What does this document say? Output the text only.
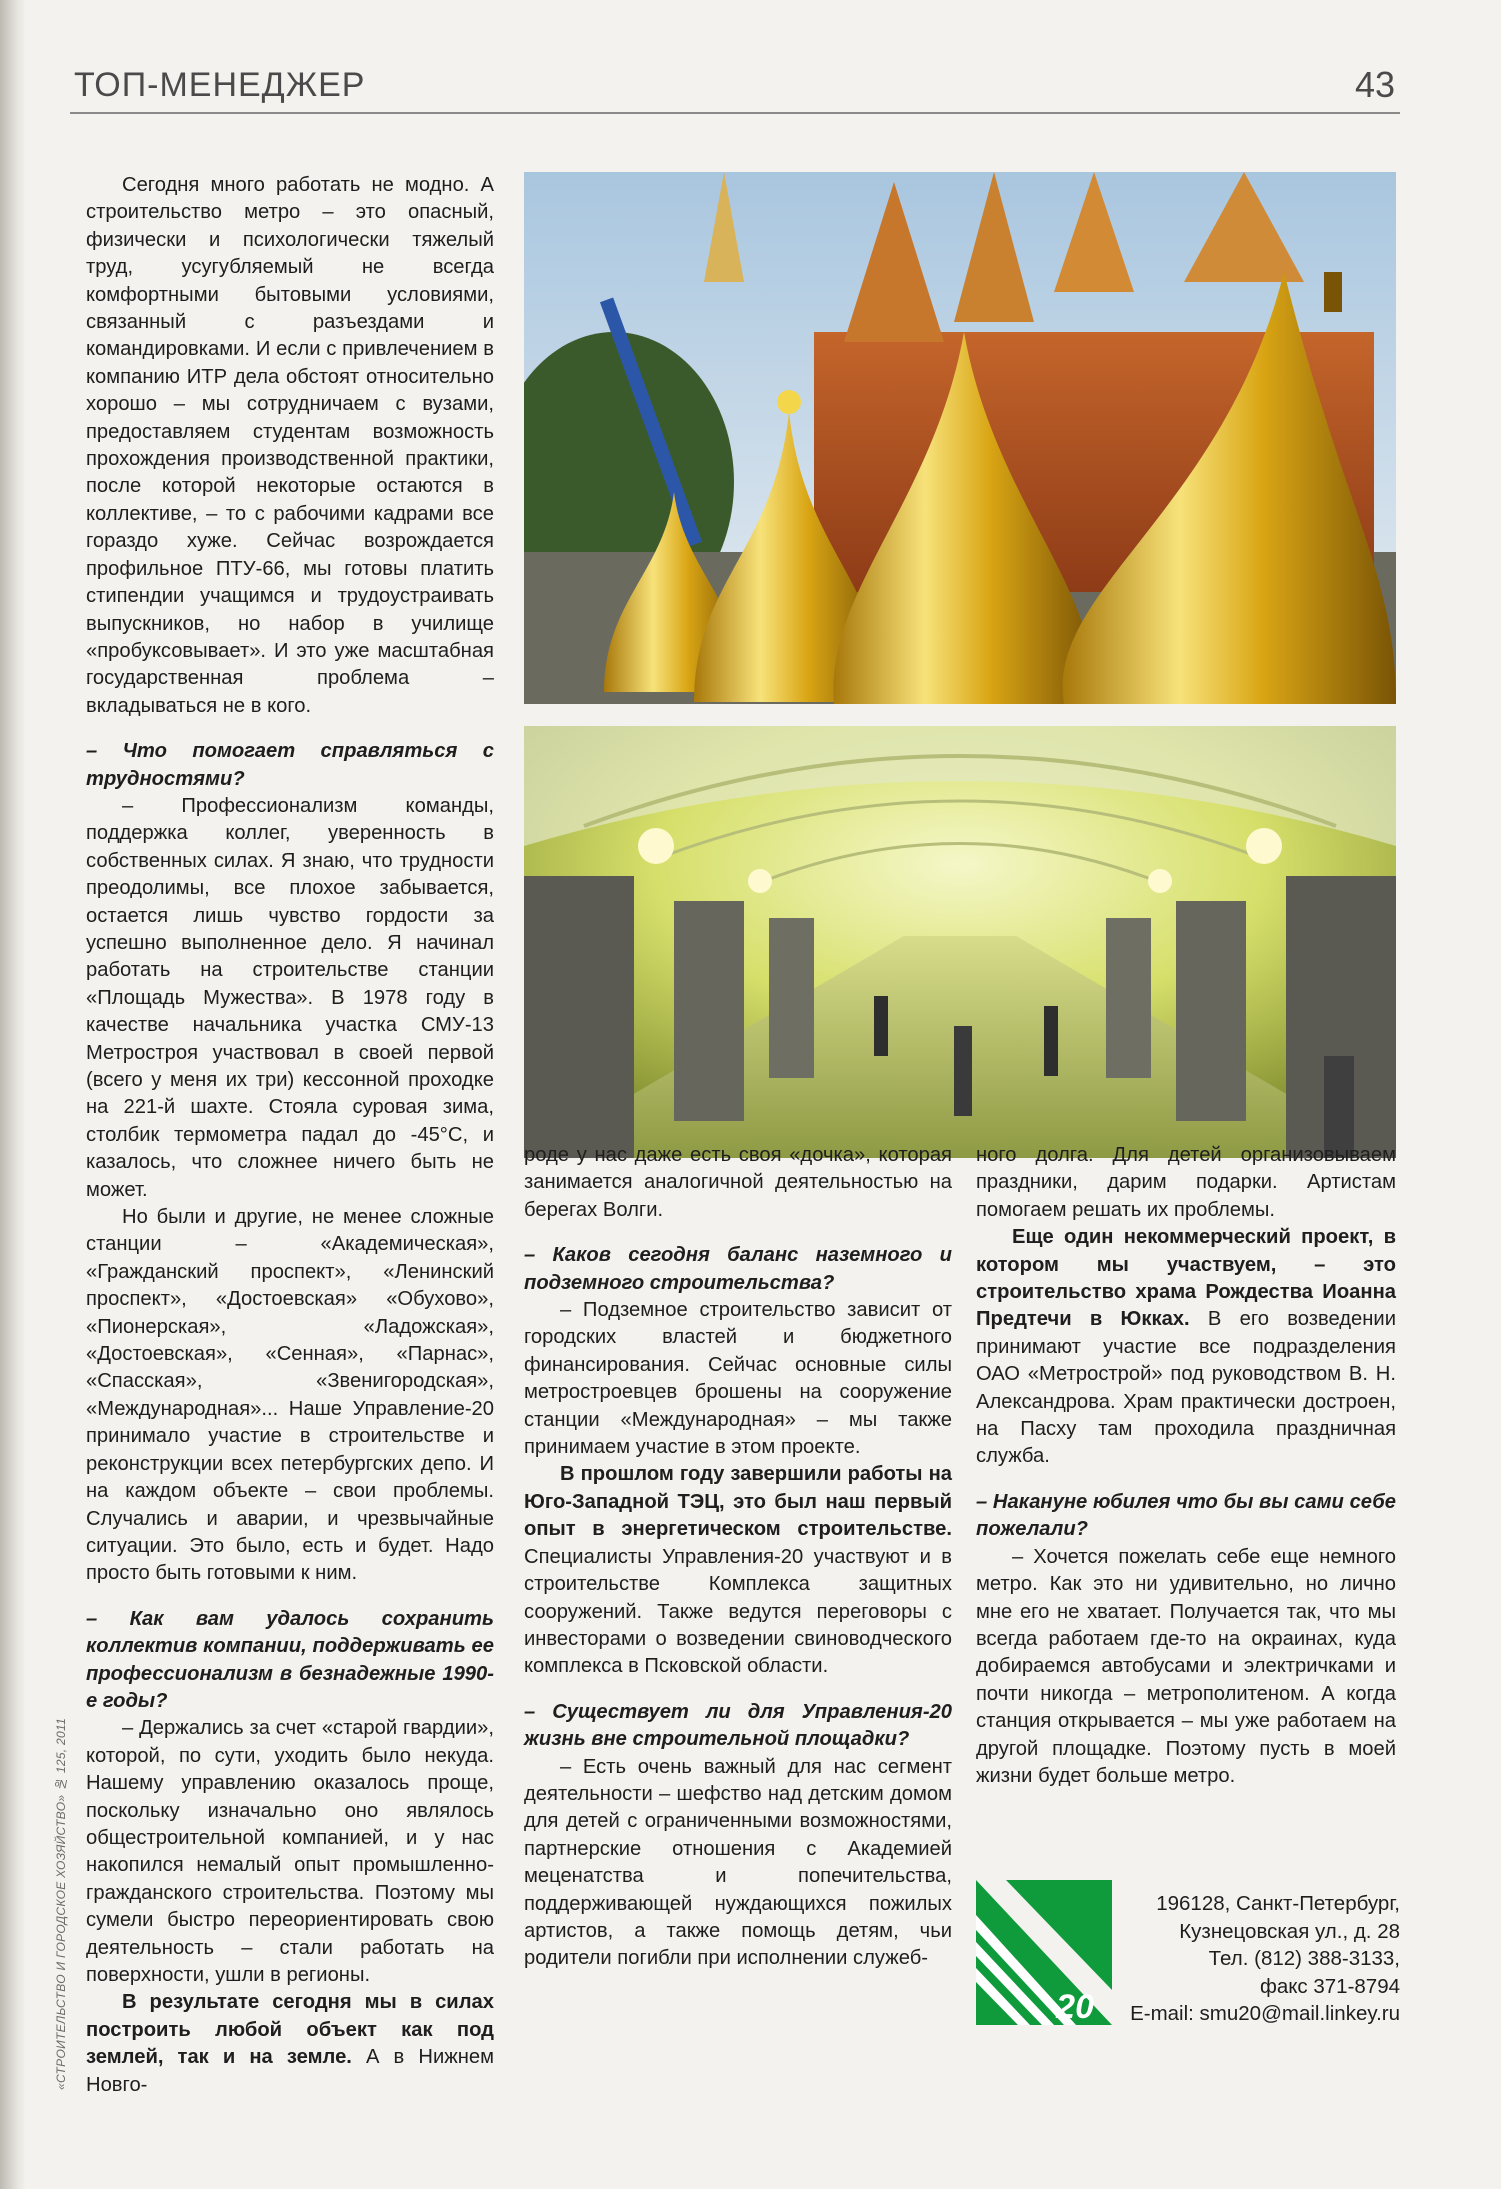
«СТРОИТЕЛЬСТВО И ГОРОДСКОЕ ХОЗЯЙСТВО» № 125, 2011
ТОП-МЕНЕДЖЕР	43

Сегодня много работать не модно. А строительство метро – это опасный, физически и психологически тяжелый труд, усугубляемый не всегда комфортными бытовыми условиями, связанный с разъездами и командировками. И если с привлечением в компанию ИТР дела обстоят относительно хорошо – мы сотрудничаем с вузами, предоставляем студентам возможность прохождения производственной практики, после которой некоторые остаются в коллективе, – то с рабочими кадрами все гораздо хуже. Сейчас возрождается профильное ПТУ-66, мы готовы платить стипендии учащимся и трудоустраивать выпускников, но набор в училище «пробуксовывает». И это уже масштабная государственная проблема – вкладываться не в кого.

– Что помогает справляться с трудностями?

– Профессионализм команды, поддержка коллег, уверенность в собственных силах. Я знаю, что трудности преодолимы, все плохое забывается, остается лишь чувство гордости за успешно выполненное дело. Я начинал работать на строительстве станции «Площадь Мужества». В 1978 году в качестве начальника участка СМУ-13 Метростроя участвовал в своей первой (всего у меня их три) кессонной проходке на 221-й шахте. Стояла суровая зима, столбик термометра падал до -45°C, и казалось, что сложнее ничего быть не может.

Но были и другие, не менее сложные станции – «Академическая», «Гражданский проспект», «Ленинский проспект», «Достоевская» «Обухово», «Пионерская», «Ладожская», «Достоевская», «Сенная», «Парнас», «Спасская», «Звенигородская», «Международная»... Наше Управление-20 принимало участие в строительстве и реконструкции всех петербургских депо. И на каждом объекте – свои проблемы. Случались и аварии, и чрезвычайные ситуации. Это было, есть и будет. Надо просто быть готовыми к ним.

– Как вам удалось сохранить коллектив компании, поддерживать ее профессионализм в безнадежные 1990-е годы?

– Держались за счет «старой гвардии», которой, по сути, уходить было некуда. Нашему управлению оказалось проще, поскольку изначально оно являлось общестроительной компанией, и у нас накопился немалый опыт промышленно-гражданского строительства. Поэтому мы сумели быстро переориентировать свою деятельность – стали работать на поверхности, ушли в регионы.

В результате сегодня мы в силах построить любой объект как под землей, так и на земле. А в Нижнем Новго-

роде у нас даже есть своя «дочка», которая занимается аналогичной деятельностью на берегах Волги.

– Каков сегодня баланс наземного и подземного строительства?

– Подземное строительство зависит от городских властей и бюджетного финансирования. Сейчас основные силы метростроевцев брошены на сооружение станции «Международная» – мы также принимаем участие в этом проекте.

В прошлом году завершили работы на Юго-Западной ТЭЦ, это был наш первый опыт в энергетическом строительстве. Специалисты Управления-20 участвуют и в строительстве Комплекса защитных сооружений. Также ведутся переговоры с инвесторами о возведении свиноводческого комплекса в Псковской области.

– Существует ли для Управления-20 жизнь вне строительной площадки?

– Есть очень важный для нас сегмент деятельности – шефство над детским домом для детей с ограниченными возможностями, партнерские отношения с Академией меценатства и попечительства, поддерживающей нуждающихся пожилых артистов, а также помощь детям, чьи родители погибли при исполнении служеб-

ного долга. Для детей организовываем праздники, дарим подарки. Артистам помогаем решать их проблемы.

Еще один некоммерческий проект, в котором мы участвуем, – это строительство храма Рождества Иоанна Предтечи в Юкках. В его возведении принимают участие все подразделения ОАО «Метрострой» под руководством В. Н. Александрова. Храм практически достроен, на Пасху там проходила праздничная служба.

– Накануне юбилея что бы вы сами себе пожелали?

– Хочется пожелать себе еще немного метро. Как это ни удивительно, но лично мне его не хватает. Получается так, что мы всегда работаем где-то на окраинах, куда добираемся автобусами и электричками и почти никогда – метрополитеном. А когда станция открывается – мы уже работаем на другой площадке. Поэтому пусть в моей жизни будет больше метро.

20
196128, Санкт-Петербург,
Кузнецовская ул., д. 28
Тел. (812) 388-3133,
факс 371-8794
E-mail: smu20@mail.linkey.ru
